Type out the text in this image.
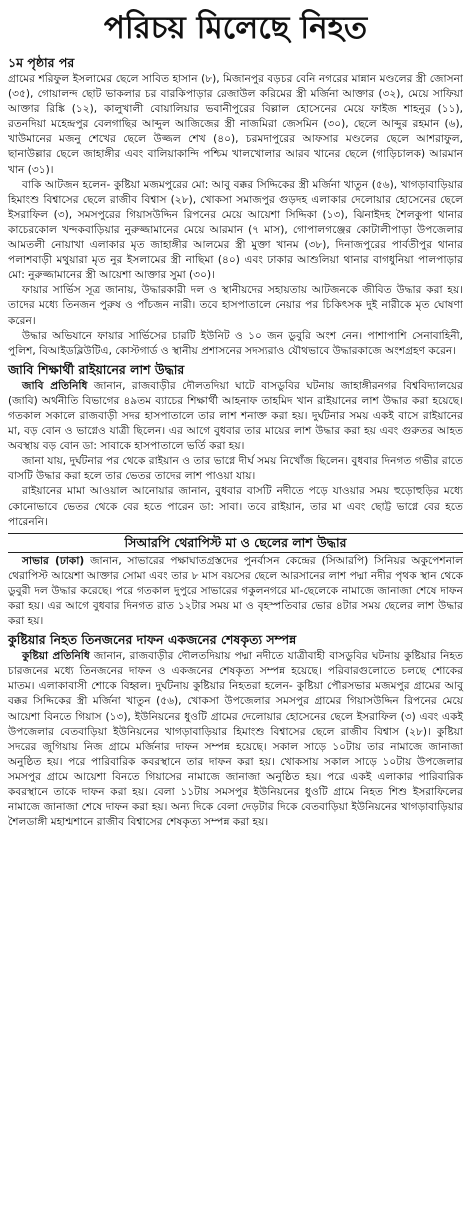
পরিচয় মিলেছে নিহত
১ম পৃষ্ঠার পর

গ্রামের শরিফুল ইসলামের ছেলে সাবিত হাসান (৮), মিজানপুর বড়চর বেনি নগরের মান্নান মণ্ডলের স্ত্রী জোসনা (৩৫), গোয়ালন্দ ছোট ভাকলার চর বারকিপাড়ার রেজাউল করিমের স্ত্রী মর্জিনা আক্তার (৩২), মেয়ে সাফিয়া আক্তার রিঙ্কি (১২), কালুখালী বোয়ালিয়ার ভবানীপুরের বিল্লাল হোসেনের মেয়ে ফাইজ শাহনুর (১১), রতনদিয়া মহেন্দ্রপুর বেলগাছির আব্দুল আজিজের স্ত্রী নাজমিরা জেসমিন (৩০), ছেলে আব্দুর রহমান (৬), খাউমানের মজনু শেখের ছেলে উজ্জল শেখ (৪০), চরমদাপুরের আফসার মণ্ডলের ছেলে আশরাফুল, ছানাউল্লার ছেলে জাহাঙ্গীর এবং বালিয়াকান্দি পশ্চিম খালখোলার আরব খানের ছেলে (গাড়িচালক) আরমান খান (৩১)।

বাকি আটজন হলেন- কুষ্টিয়া মজমপুরের মো: আবু বক্কর সিদ্দিকের স্ত্রী মর্জিনা খাতুন (৫৬), খাগড়াবাড়িয়ার হিমাংশু বিশ্বাসের ছেলে রাজীব বিশ্বাস (২৮), খোকসা সমাজপুর গুড়দহ এলাকার দেলোয়ার হোসেনের ছেলে ইসরাফিল (৩), সমসপুরের গিয়াসউদ্দিন রিপনের মেয়ে আয়েশা সিদ্দিকা (১৩), ঝিনাইদহ শৈলকুপা থানার কাচেরকোল খন্দকবাড়িয়ার নুরুজ্জামানের মেয়ে আরমান (৭ মাস), গোপালগঞ্জের কোটালীপাড়া উপজেলার আমতলী নোয়াখা এলাকার মৃত জাহাঙ্গীর আলমের স্ত্রী মুক্তা খানম (৩৮), দিনাজপুরের পার্বতীপুর থানার পলাশবাড়ী মথুয়ারা মৃত নুর ইসলামের স্ত্রী নাছিমা (৪০) এবং ঢাকার আশুলিয়া থানার বাগধুনিয়া পালপাড়ার মো: নুরুজ্জামানের স্ত্রী আয়েশা আক্তার সুমা (৩০)।

ফায়ার সার্ভিস সূত্র জানায়, উদ্ধারকারী দল ও স্থানীয়দের সহায়তায় আটজনকে জীবিত উদ্ধার করা হয়। তাদের মধ্যে তিনজন পুরুষ ও পাঁচজন নারী। তবে হাসপাতালে নেয়ার পর চিকিৎসক দুই নারীকে মৃত ঘোষণা করেন।

উদ্ধার অভিযানে ফায়ার সার্ভিসের চারটি ইউনিট ও ১০ জন ডুবুরি অংশ নেন। পাশাপাশি সেনাবাহিনী, পুলিশ, বিআইডব্লিউটিএ, কোস্টগার্ড ও স্থানীয় প্রশাসনের সদস্যরাও যৌথভাবে উদ্ধারকাজে অংশগ্রহণ করেন।

জাবি শিক্ষার্থী রাইয়ানের লাশ উদ্ধার

জাবি প্রতিনিধি জানান, রাজবাড়ীর দৌলতদিয়া ঘাটে বাসডুবির ঘটনায় জাহাঙ্গীরনগর বিশ্ববিদ্যালয়ের (জাবি) অর্থনীতি বিভাগের ৪৯তম ব্যাচের শিক্ষার্থী আহনাফ তাহমিদ খান রাইয়ানের লাশ উদ্ধার করা হয়েছে। গতকাল সকালে রাজবাড়ী সদর হাসপাতালে তার লাশ শনাক্ত করা হয়। দুর্ঘটনার সময় একই বাসে রাইয়ানের মা, বড় বোন ও ভাগ্নেও যাত্রী ছিলেন। এর আগে বুধবার তার মায়ের লাশ উদ্ধার করা হয় এবং গুরুতর আহত অবস্থায় বড় বোন ডা: সাবাকে হাসপাতালে ভর্তি করা হয়।

জানা যায়, দুর্ঘটনার পর থেকে রাইয়ান ও তার ভাগ্নে দীর্ঘ সময় নিখোঁজ ছিলেন। বুধবার দিনগত গভীর রাতে বাসটি উদ্ধার করা হলে তার ভেতর তাদের লাশ পাওয়া যায়।

রাইয়ানের মামা আওয়াল আনোয়ার জানান, বুধবার বাসটি নদীতে পড়ে যাওয়ার সময় হুড়োহুড়ির মধ্যে কোনোভাবে ভেতর থেকে বের হতে পারেন ডা: সাবা। তবে রাইয়ান, তার মা এবং ছোট্ট ভাগ্নে বের হতে পারেননি।

সিআরপি থেরাপিস্ট মা ও ছেলের লাশ উদ্ধার

সাভার (ঢাকা) জানান, সাভারের পক্ষাঘাতগ্রস্তদের পুনর্বাসন কেন্দ্রের (সিআরপি) সিনিয়র অকুপেশনাল থেরাপিস্ট আয়েশা আক্তার সোমা এবং তার ৮ মাস বয়সের ছেলে আরসানের লাশ পদ্মা নদীর পৃথক স্থান থেকে ডুবুরী দল উদ্ধার করেছে। পরে গতকাল দুপুরে সাভারের গকুলনগরে মা-ছেলেকে নামাজে জানাজা শেষে দাফন করা হয়। এর আগে বুধবার দিনগত রাত ১২টার সময় মা ও বৃহস্পতিবার ভোর ৪টার সময় ছেলের লাশ উদ্ধার করা হয়।

কুষ্টিয়ার নিহত তিনজনের দাফন একজনের শেষকৃত্য সম্পন্ন

কুষ্টিয়া প্রতিনিধি জানান, রাজবাড়ীর দৌলতদিয়ায় পদ্মা নদীতে যাত্রীবাহী বাসডুবির ঘটনায় কুষ্টিয়ার নিহত চারজনের মধ্যে তিনজনের দাফন ও একজনের শেষকৃত্য সম্পন্ন হয়েছে। পরিবারগুলোতে চলছে শোকের মাতম। এলাকাবাসী শোকে বিহ্বল। দুর্ঘটনায় কুষ্টিয়ার নিহতরা হলেন- কুষ্টিয়া পৌরসভার মজমপুর গ্রামের আবু বক্কর সিদ্দিকের স্ত্রী মর্জিনা খাতুন (৫৬), খোকসা উপজেলার সমসপুর গ্রামের গিয়াসউদ্দিন রিপনের মেয়ে আয়েশা বিনতে গিয়াস (১৩), ইউনিয়নের ধুওটি গ্রামের দেলোয়ার হোসেনের ছেলে ইসরাফিল (৩) এবং একই উপজেলার বেতবাড়িয়া ইউনিয়নের খাগড়াবাড়িয়ার হিমাংশু বিশ্বাসের ছেলে রাজীব বিশ্বাস (২৮)। কুষ্টিয়া সদরের জুগিয়ায় নিজ গ্রামে মর্জিনার দাফন সম্পন্ন হয়েছে। সকাল সাড়ে ১০টায় তার নামাজে জানাজা অনুষ্ঠিত হয়। পরে পারিবারিক কবরস্থানে তার দাফন করা হয়। খোকসায় সকাল সাড়ে ১০টায় উপজেলার সমসপুর গ্রামে আয়েশা বিনতে গিয়াসের নামাজে জানাজা অনুষ্ঠিত হয়। পরে একই এলাকার পারিবারিক কবরস্থানে তাকে দাফন করা হয়। বেলা ১১টায় সমসপুর ইউনিয়নের ধুওটি গ্রামে নিহত শিশু ইসরাফিলের নামাজে জানাজা শেষে দাফন করা হয়। অন্য দিকে বেলা দেড়টার দিকে বেতবাড়িয়া ইউনিয়নের খাগড়াবাড়িয়ার শৈলডাঙ্গী মহাশ্মশানে রাজীব বিশ্বাসের শেষকৃত্য সম্পন্ন করা হয়।
